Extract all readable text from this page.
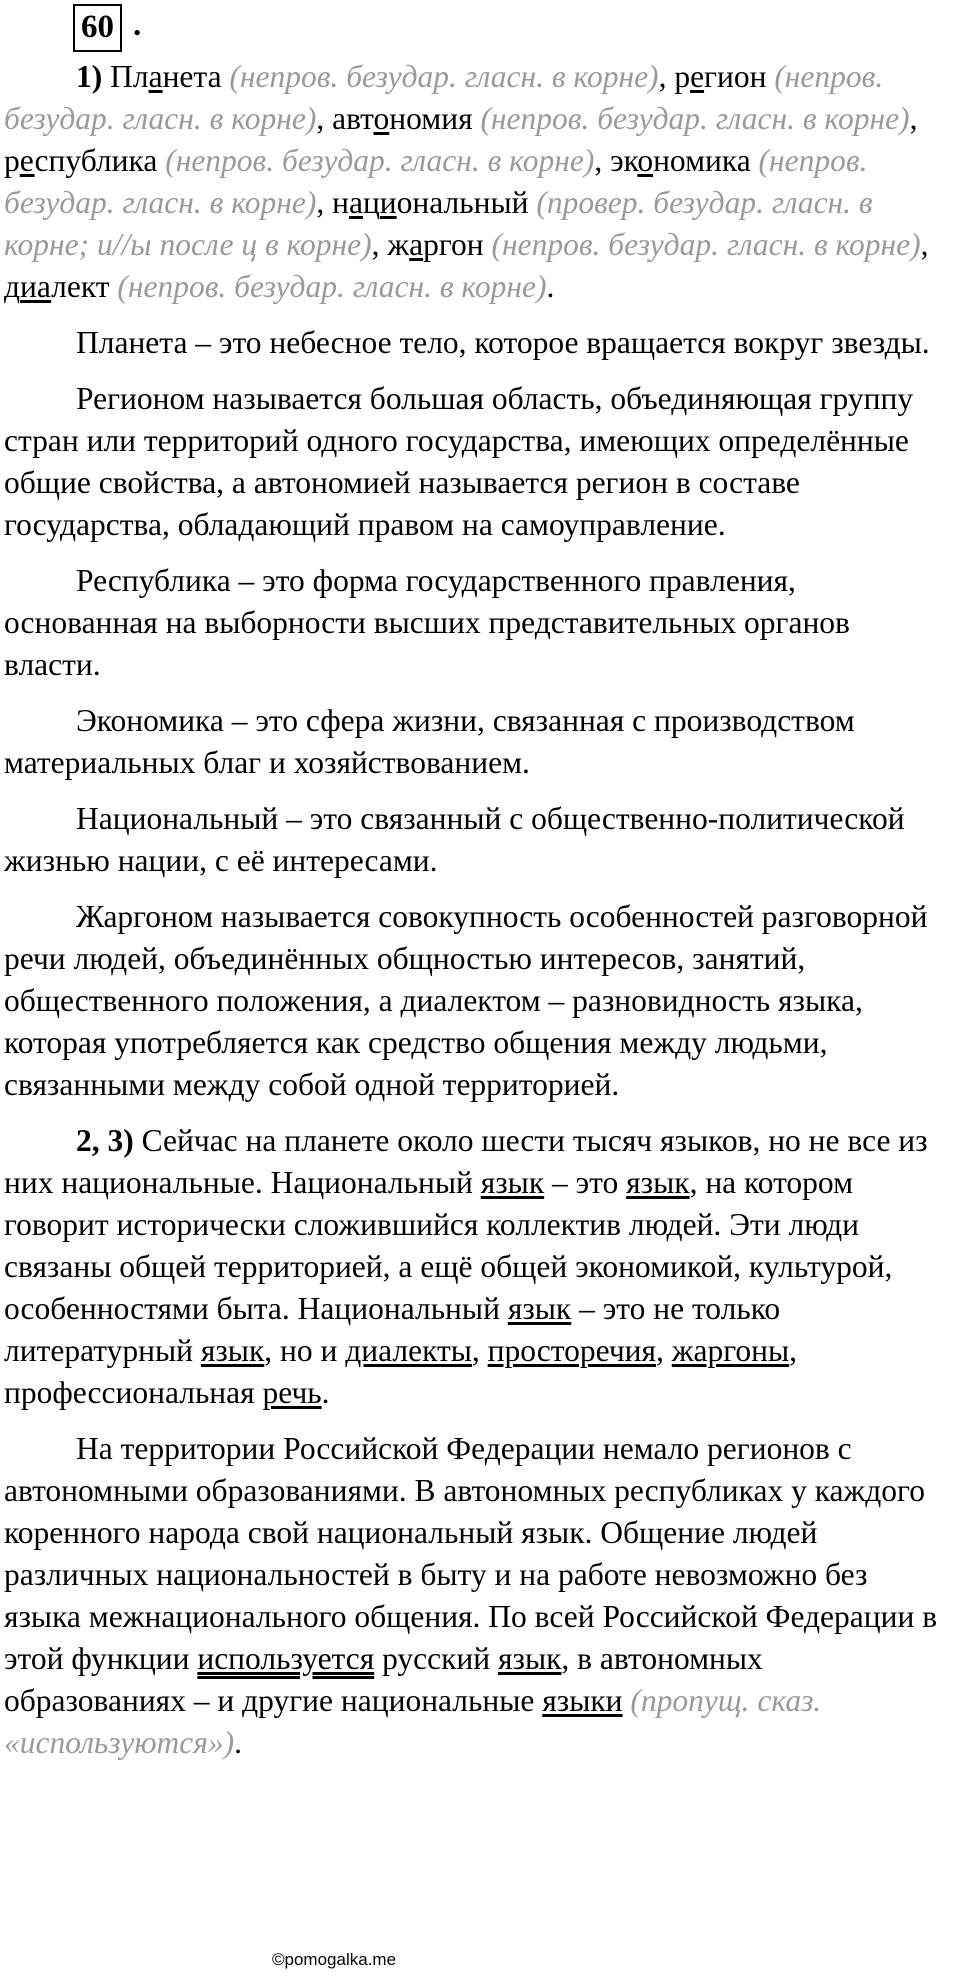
60 .

1) Планета (непров. безудар. гласн. в корне), регион (непров. безудар. гласн. в корне), автономия (непров. безудар. гласн. в корне), республика (непров. безудар. гласн. в корне), экономика (непров. безудар. гласн. в корне), национальный (провер. безудар. гласн. в корне; и//ы после ц в корне), жаргон (непров. безудар. гласн. в корне), диалект (непров. безудар. гласн. в корне).

Планета – это небесное тело, которое вращается вокруг звезды.

Регионом называется большая область, объединяющая группу стран или территорий одного государства, имеющих определённые общие свойства, а автономией называется регион в составе государства, обладающий правом на самоуправление.

Республика – это форма государственного правления, основанная на выборности высших представительных органов власти.

Экономика – это сфера жизни, связанная с производством материальных благ и хозяйствованием.

Национальный – это связанный с общественно-политической жизнью нации, с её интересами.

Жаргоном называется совокупность особенностей разговорной речи людей, объединённых общностью интересов, занятий, общественного положения, а диалектом – разновидность языка, которая употребляется как средство общения между людьми, связанными между собой одной территорией.

2, 3) Сейчас на планете около шести тысяч языков, но не все из них национальные. Национальный язык – это язык, на котором говорит исторически сложившийся коллектив людей. Эти люди связаны общей территорией, а ещё общей экономикой, культурой, особенностями быта. Национальный язык – это не только литературный язык, но и диалекты, просторечия, жаргоны, профессиональная речь.

На территории Российской Федерации немало регионов с автономными образованиями. В автономных республиках у каждого коренного народа свой национальный язык. Общение людей различных национальностей в быту и на работе невозможно без языка межнационального общения. По всей Российской Федерации в этой функции используется русский язык, в автономных образованиях – и другие национальные языки (пропущ. сказ. «используются»).

©pomogalka.me
